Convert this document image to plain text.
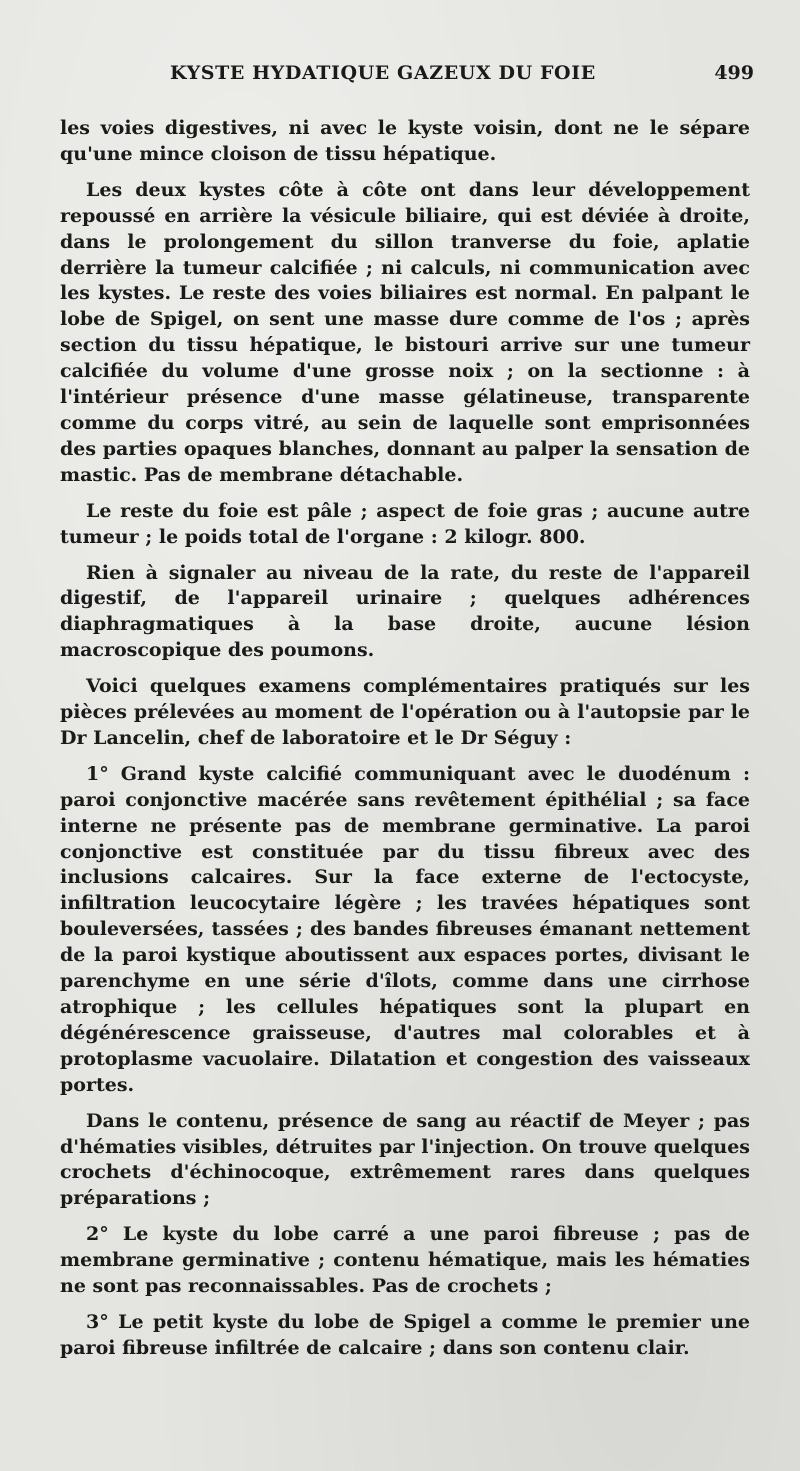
KYSTE HYDATIQUE GAZEUX DU FOIE	499

les voies digestives, ni avec le kyste voisin, dont ne le sépare qu'une mince cloison de tissu hépatique.

Les deux kystes côte à côte ont dans leur développement repoussé en arrière la vésicule biliaire, qui est déviée à droite, dans le prolongement du sillon tranverse du foie, aplatie derrière la tumeur calcifiée ; ni calculs, ni communication avec les kystes. Le reste des voies biliaires est normal. En palpant le lobe de Spigel, on sent une masse dure comme de l'os ; après section du tissu hépatique, le bistouri arrive sur une tumeur calcifiée du volume d'une grosse noix ; on la sectionne : à l'intérieur présence d'une masse gélatineuse, transparente comme du corps vitré, au sein de laquelle sont emprisonnées des parties opaques blanches, donnant au palper la sensation de mastic. Pas de membrane détachable.

Le reste du foie est pâle ; aspect de foie gras ; aucune autre tumeur ; le poids total de l'organe : 2 kilogr. 800.

Rien à signaler au niveau de la rate, du reste de l'appareil digestif, de l'appareil urinaire ; quelques adhérences diaphragmatiques à la base droite, aucune lésion macroscopique des poumons.

Voici quelques examens complémentaires pratiqués sur les pièces prélevées au moment de l'opération ou à l'autopsie par le Dr Lancelin, chef de laboratoire et le Dr Séguy :

1° Grand kyste calcifié communiquant avec le duodénum : paroi conjonctive macérée sans revêtement épithélial ; sa face interne ne présente pas de membrane germinative. La paroi conjonctive est constituée par du tissu fibreux avec des inclusions calcaires. Sur la face externe de l'ectocyste, infiltration leucocytaire légère ; les travées hépatiques sont bouleversées, tassées ; des bandes fibreuses émanant nettement de la paroi kystique aboutissent aux espaces portes, divisant le parenchyme en une série d'îlots, comme dans une cirrhose atrophique ; les cellules hépatiques sont la plupart en dégénérescence graisseuse, d'autres mal colorables et à protoplasme vacuolaire. Dilatation et congestion des vaisseaux portes.

Dans le contenu, présence de sang au réactif de Meyer ; pas d'hématies visibles, détruites par l'injection. On trouve quelques crochets d'échinocoque, extrêmement rares dans quelques préparations ;

2° Le kyste du lobe carré a une paroi fibreuse ; pas de membrane germinative ; contenu hématique, mais les hématies ne sont pas reconnaissables. Pas de crochets ;

3° Le petit kyste du lobe de Spigel a comme le premier une paroi fibreuse infiltrée de calcaire ; dans son contenu clair.
